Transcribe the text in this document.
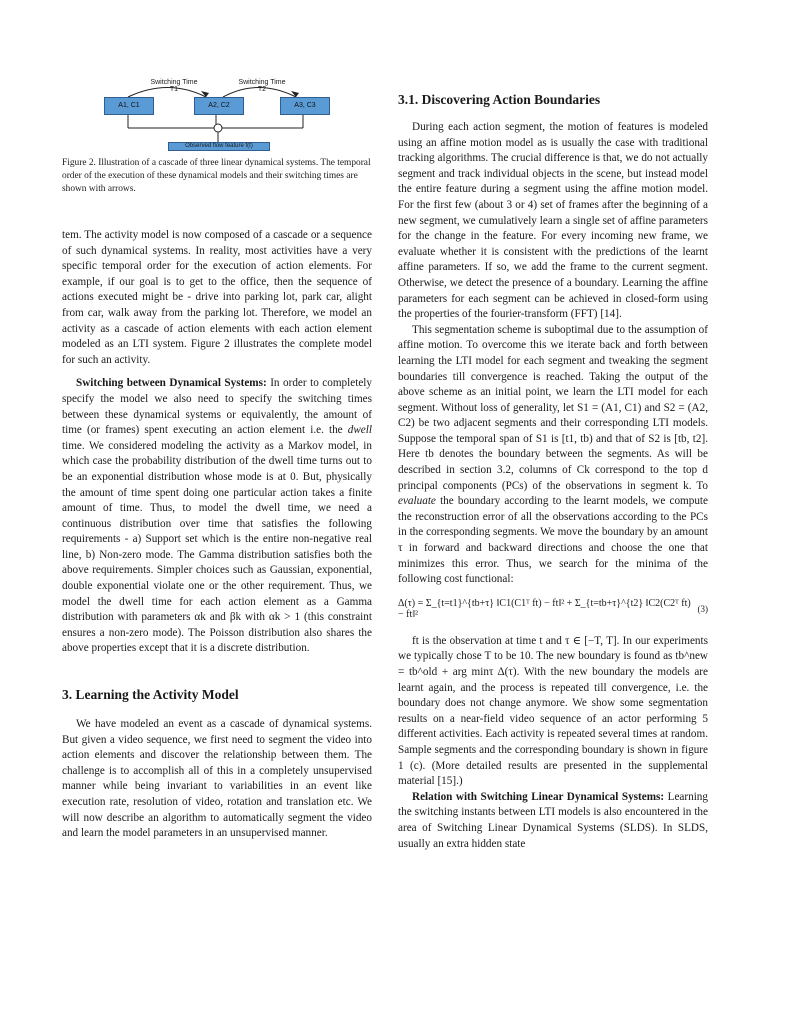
Switching Time
T1
Switching Time
T2
A1, C1	A2, C2	A3, C3
Observed flow feature f(t)
Figure 2. Illustration of a cascade of three linear dynamical systems. The temporal order of the execution of these dynamical models and their switching times are shown with arrows.

tem. The activity model is now composed of a cascade or a sequence of such dynamical systems. In reality, most activities have a very specific temporal order for the execution of action elements. For example, if our goal is to get to the office, then the sequence of actions executed might be - drive into parking lot, park car, alight from car, walk away from the parking lot. Therefore, we model an activity as a cascade of action elements with each action element modeled as an LTI system. Figure 2 illustrates the complete model for such an activity.

Switching between Dynamical Systems: In order to completely specify the model we also need to specify the switching times between these dynamical systems or equivalently, the amount of time (or frames) spent executing an action element i.e. the dwell time. We considered modeling the activity as a Markov model, in which case the probability distribution of the dwell time turns out to be an exponential distribution whose mode is at 0. But, physically the amount of time spent doing one particular action takes a finite amount of time. Thus, to model the dwell time, we need a continuous distribution over time that satisfies the following requirements - a) Support set which is the entire non-negative real line, b) Non-zero mode. The Gamma distribution satisfies both the above requirements. Simpler choices such as Gaussian, exponential, double exponential violate one or the other requirement. Thus, we model the dwell time for each action element as a Gamma distribution with parameters αk and βk with αk > 1 (this constraint ensures a non-zero mode). The Poisson distribution also shares the above properties except that it is a discrete distribution.

3. Learning the Activity Model

We have modeled an event as a cascade of dynamical systems. But given a video sequence, we first need to segment the video into action elements and discover the relationship between them. The challenge is to accomplish all of this in a completely unsupervised manner while being invariant to variabilities in an event like execution rate, resolution of video, rotation and translation etc. We will now describe an algorithm to automatically segment the video and learn the model parameters in an unsupervised manner.

3.1. Discovering Action Boundaries

During each action segment, the motion of features is modeled using an affine motion model as is usually the case with traditional tracking algorithms. The crucial difference is that, we do not actually segment and track individual objects in the scene, but instead model the entire feature during a segment using the affine motion model. For the first few (about 3 or 4) set of frames after the beginning of a new segment, we cumulatively learn a single set of affine parameters for the change in the feature. For every incoming new frame, we evaluate whether it is consistent with the predictions of the learnt affine parameters. If so, we add the frame to the current segment. Otherwise, we detect the presence of a boundary. Learning the affine parameters for each segment can be achieved in closed-form using the properties of the fourier-transform (FFT) [14].

This segmentation scheme is suboptimal due to the assumption of affine motion. To overcome this we iterate back and forth between learning the LTI model for each segment and tweaking the segment boundaries till convergence is reached. Taking the output of the above scheme as an initial point, we learn the LTI model for each segment. Without loss of generality, let S1 = (A1, C1) and S2 = (A2, C2) be two adjacent segments and their corresponding LTI models. Suppose the temporal span of S1 is [t1, tb) and that of S2 is [tb, t2]. Here tb denotes the boundary between the segments. As will be described in section 3.2, columns of Ck correspond to the top d principal components (PCs) of the observations in segment k. To evaluate the boundary according to the learnt models, we compute the reconstruction error of all the observations according to the PCs in the corresponding segments. We move the boundary by an amount τ in forward and backward directions and choose the one that minimizes this error. Thus, we search for the minima of the following cost functional:

Δ(τ) = Σ_{t=t1}^{tb+τ} ‖C1(C1ᵀ ft) − ft‖² + Σ_{t=tb+τ}^{t2} ‖C2(C2ᵀ ft) − ft‖²	(3)

ft is the observation at time t and τ ∈ [−T, T]. In our experiments we typically chose T to be 10. The new boundary is found as tb^new = tb^old + arg minτ Δ(τ). With the new boundary the models are learnt again, and the process is repeated till convergence, i.e. the boundary does not change anymore. We show some segmentation results on a near-field video sequence of an actor performing 5 different activities. Each activity is repeated several times at random. Sample segments and the corresponding boundary is shown in figure 1 (c). (More detailed results are presented in the supplemental material [15].)

Relation with Switching Linear Dynamical Systems: Learning the switching instants between LTI models is also encountered in the area of Switching Linear Dynamical Systems (SLDS). In SLDS, usually an extra hidden state
